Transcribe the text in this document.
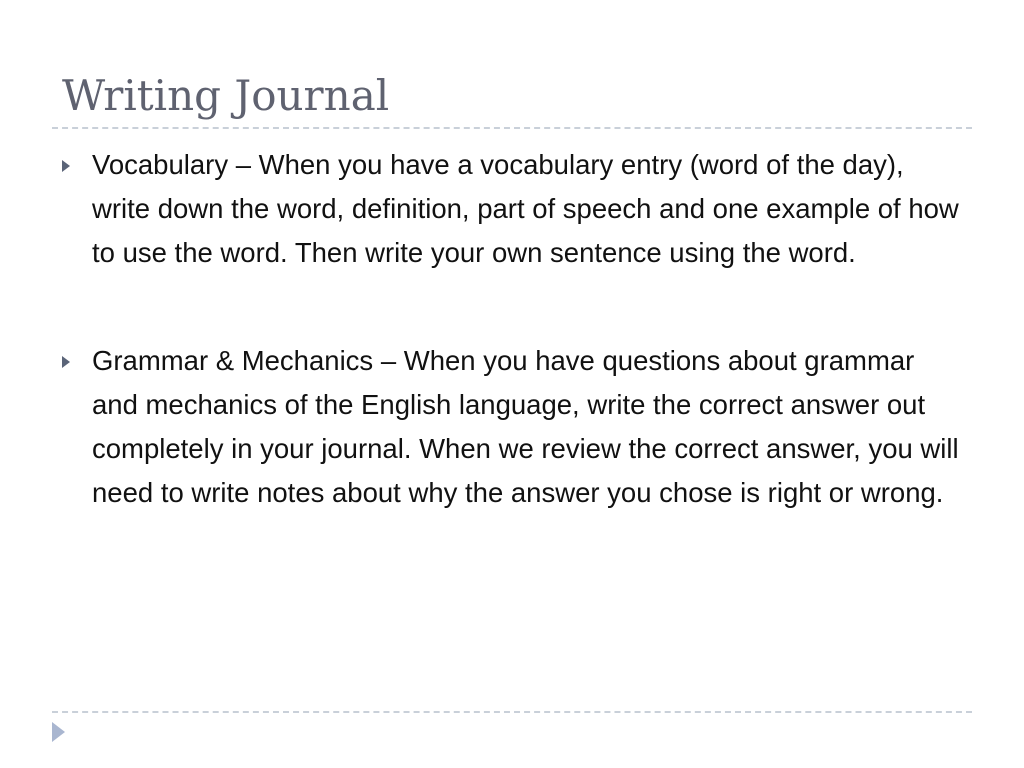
Writing Journal
Vocabulary – When you have a vocabulary entry (word of the day), write down the word, definition, part of speech and one example of how to use the word. Then write your own sentence using the word.
Grammar & Mechanics – When you have questions about grammar and mechanics of the English language, write the correct answer out completely in your journal. When we review the correct answer, you will need to write notes about why the answer you chose is right or wrong.
